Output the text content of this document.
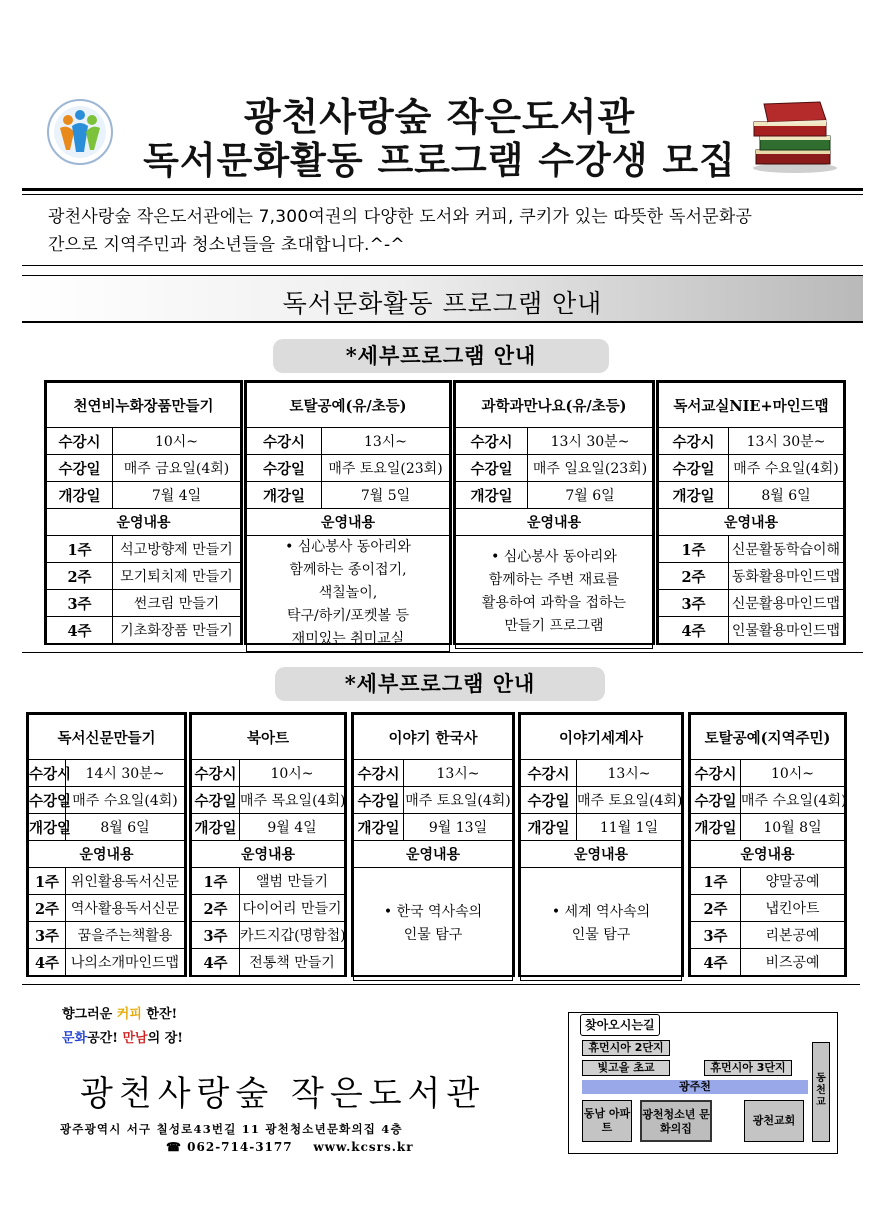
광천사랑숲 작은도서관
독서문화활동 프로그램 수강생 모집
광천사랑숲 작은도서관에는 7,300여권의 다양한 도서와 커피, 쿠키가 있는 따뜻한 독서문화공
간으로 지역주민과 청소년들을 초대합니다.^-^
독서문화활동 프로그램 안내
*세부프로그램 안내
천연비누화장품만들기	
수강시	10시~
수강일	매주 금요일(4회)
개강일	7월 4일
운영내용	
1주	석고방향제 만들기
2주	모기퇴치제 만들기
3주	썬크림 만들기
4주	기초화장품 만들기
토탈공예(유/초등)	
수강시	13시~
수강일	매주 토요일(23회)
개강일	7월 5일
운영내용	

• 심心봉사 동아리와
함께하는 종이접기,
색칠놀이,
탁구/하키/포켓볼 등
재미있는 취미교실	
과학과만나요(유/초등)	
수강시	13시 30분~
수강일	매주 일요일(23회)
개강일	7월 6일
운영내용	

• 심心봉사 동아리와
함께하는 주변 재료를
활용하여 과학을 접하는
만들기 프로그램	
독서교실NIE+마인드맵	
수강시	13시 30분~
수강일	매주 수요일(4회)
개강일	8월 6일
운영내용	
1주	신문활동학습이해
2주	동화활용마인드맵
3주	신문활용마인드맵
4주	인물활용마인드맵
*세부프로그램 안내
독서신문만들기	
수강시	14시 30분~
수강일	매주 수요일(4회)
개강일	8월 6일
운영내용	
1주	위인활용독서신문
2주	역사활용독서신문
3주	꿈을주는책활용
4주	나의소개마인드맵
북아트	
수강시	10시~
수강일	매주 목요일(4회)
개강일	9월 4일
운영내용	
1주	앨범 만들기
2주	다이어리 만들기
3주	카드지갑(명함첩)
4주	전통책 만들기
이야기 한국사	
수강시	13시~
수강일	매주 토요일(4회)
개강일	9월 13일
운영내용	

• 한국 역사속의
인물 탐구	
이야기세계사	
수강시	13시~
수강일	매주 토요일(4회)
개강일	11월 1일
운영내용	

• 세계 역사속의
인물 탐구	
토탈공예(지역주민)	
수강시	10시~
수강일	매주 수요일(4회)
개강일	10월 8일
운영내용	
1주	양말공예
2주	냅킨아트
3주	리본공예
4주	비즈공예
향그러운 커피 한잔!
문화공간! 만남의 장!
광천사랑숲 작은도서관
광주광역시 서구 칠성로43번길 11 광천청소년문화의집 4층
☎ 062-714-3177 www.kcsrs.kr
찾아오시는길
휴먼시아 2단지
빛고을 초교	휴먼시아 3단지
광주천
동천교
동남 아파트
광천청소년 문화의집
광천교회
